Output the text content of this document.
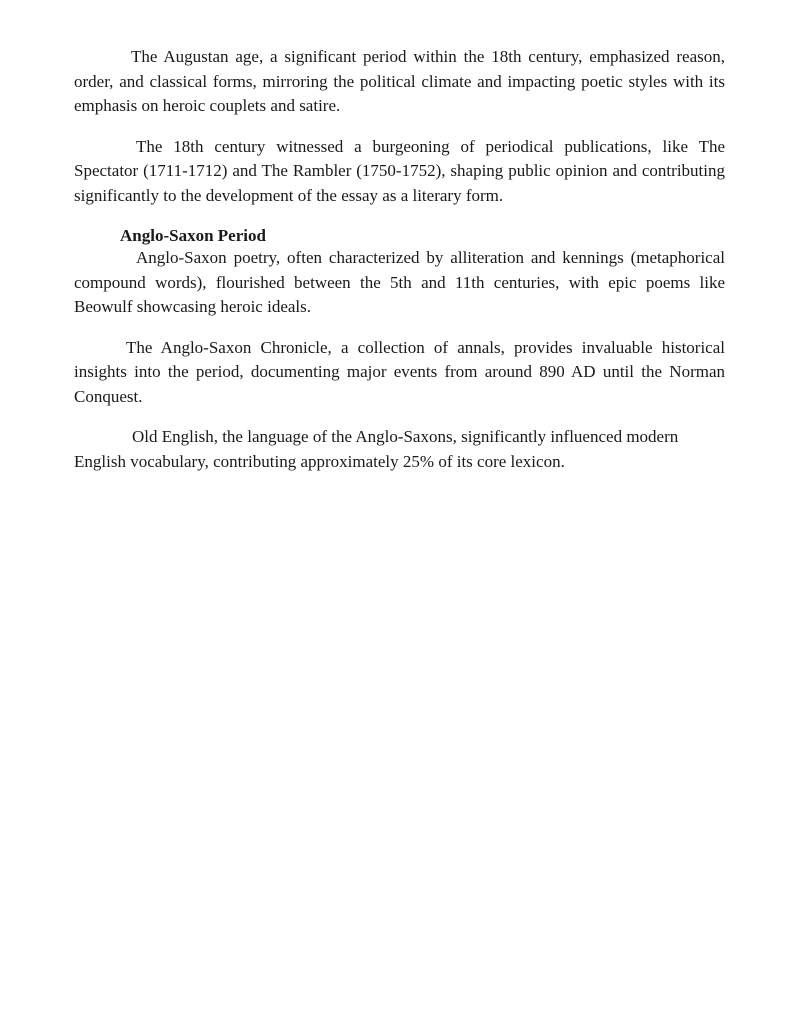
The Augustan age, a significant period within the 18th century, emphasized reason, order, and classical forms, mirroring the political climate and impacting poetic styles with its emphasis on heroic couplets and satire.

The 18th century witnessed a burgeoning of periodical publications, like The Spectator (1711-1712) and The Rambler (1750-1752), shaping public opinion and contributing significantly to the development of the essay as a literary form.

Anglo-Saxon Period

Anglo-Saxon poetry, often characterized by alliteration and kennings (metaphorical compound words), flourished between the 5th and 11th centuries, with epic poems like Beowulf showcasing heroic ideals.

The Anglo-Saxon Chronicle, a collection of annals, provides invaluable historical insights into the period, documenting major events from around 890 AD until the Norman Conquest.

Old English, the language of the Anglo-Saxons, significantly influenced modern English vocabulary, contributing approximately 25% of its core lexicon.
